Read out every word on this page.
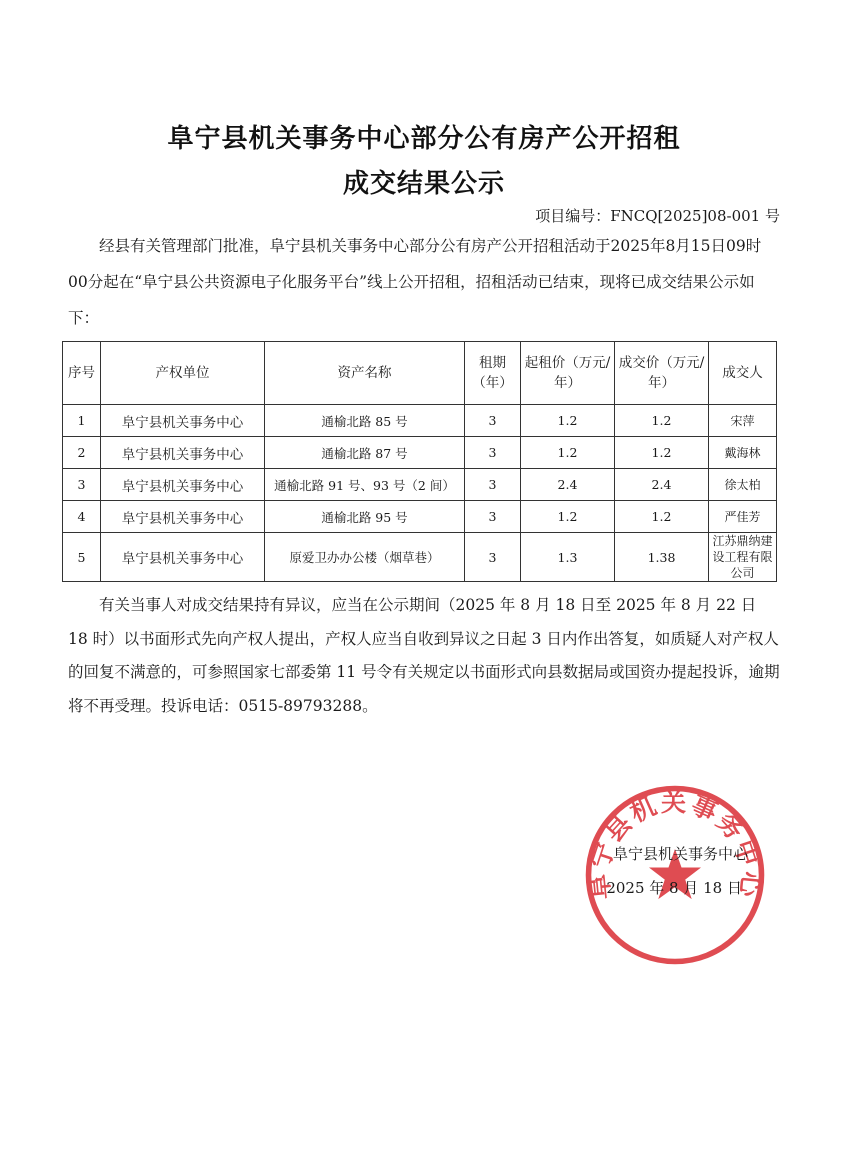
阜宁县机关事务中心部分公有房产公开招租
成交结果公示
项目编号：FNCQ[2025]08-001 号
经县有关管理部门批准，阜宁县机关事务中心部分公有房产公开招租活动于2025年8月15日09时00分起在“阜宁县公共资源电子化服务平台”线上公开招租，招租活动已结束，现将已成交结果公示如下：
序号	产权单位	资产名称	租期（年）	起租价（万元/年）	成交价（万元/年）	成交人
1	阜宁县机关事务中心	通榆北路 85 号	3	1.2	1.2	宋萍
2	阜宁县机关事务中心	通榆北路 87 号	3	1.2	1.2	戴海林
3	阜宁县机关事务中心	通榆北路 91 号、93 号（2 间）	3	2.4	2.4	徐太柏
4	阜宁县机关事务中心	通榆北路 95 号	3	1.2	1.2	严佳芳
5	阜宁县机关事务中心	原爱卫办办公楼（烟草巷）	3	1.3	1.38	江苏鼎纳建设工程有限公司
有关当事人对成交结果持有异议，应当在公示期间（2025 年 8 月 18 日至 2025 年 8 月 22 日 18 时）以书面形式先向产权人提出，产权人应当自收到异议之日起 3 日内作出答复，如质疑人对产权人的回复不满意的，可参照国家七部委第 11 号令有关规定以书面形式向县数据局或国资办提起投诉，逾期将不再受理。投诉电话：0515-89793288。
阜宁县机关事务中心
阜宁县机关事务中心
2025 年 8 月 18 日
